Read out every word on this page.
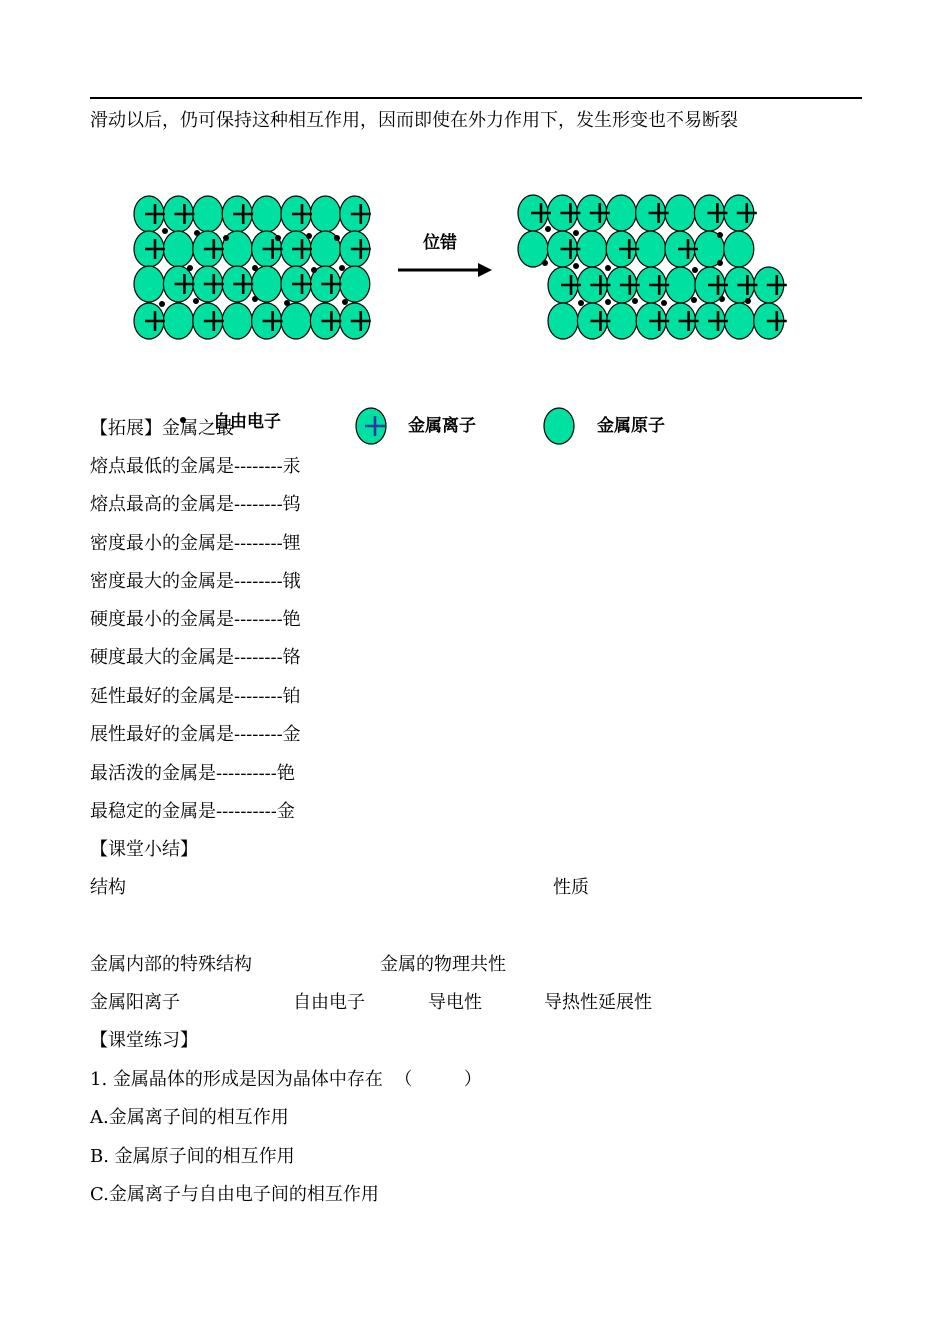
滑动以后，仍可保持这种相互作用，因而即使在外力作用下，发生形变也不易断裂
自由电子	金属离子	金属原子
位错
【拓展】金属之最
熔点最低的金属是--------汞
熔点最高的金属是--------钨
密度最小的金属是--------锂
密度最大的金属是--------锇
硬度最小的金属是--------铯
硬度最大的金属是--------铬
延性最好的金属是--------铂
展性最好的金属是--------金
最活泼的金属是----------铯
最稳定的金属是----------金
【课堂小结】
结构	性质
金属内部的特殊结构	金属的物理共性
金属阳离子	自由电子	导电性	导热性延展性
【课堂练习】
1. 金属晶体的形成是因为晶体中存在  （         ）
A.金属离子间的相互作用
B. 金属原子间的相互作用
C.金属离子与自由电子间的相互作用
